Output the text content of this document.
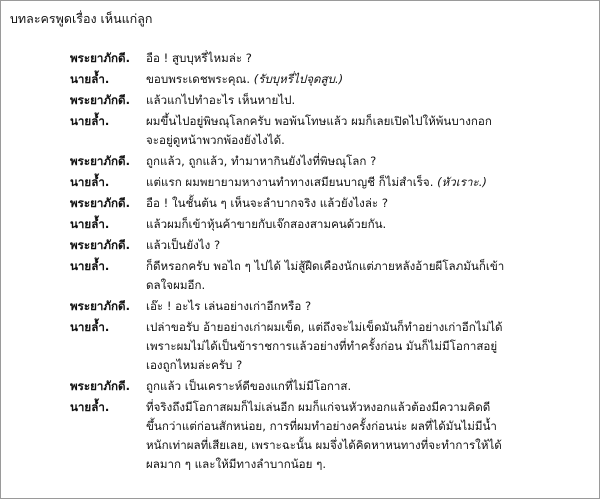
บทละครพูดเรื่อง เห็นแก่ลูก
พระยาภักดี.	อือ ! สูบบุหรี่ไหมล่ะ ?
นายล้ำ.	ขอบพระเดชพระคุณ. (รับบุหรี่ไปจุดสูบ.)
พระยาภักดี.	แล้วแกไปทำอะไร เห็นหายไป.
นายล้ำ.	ผมขึ้นไปอยู่พิษณุโลกครับ พอพ้นโทษแล้ว ผมก็เลยเปิดไปให้พ้นบางกอก จะอยู่ดูหน้าพวกพ้องยังไงได้.
พระยาภักดี.	ถูกแล้ว, ถูกแล้ว, ทำมาหากินยังไงที่พิษณุโลก ?
นายล้ำ.	แต่แรก ผมพยายามหางานทำทางเสมียนบาญชี ก็ไม่สำเร็จ. (หัวเราะ.)
พระยาภักดี.	อือ ! ในชั้นต้น ๆ เห็นจะลำบากจริง แล้วยังไงล่ะ ?
นายล้ำ.	แล้วผมก็เข้าหุ้นค้าขายกับเจ๊กสองสามคนด้วยกัน.
พระยาภักดี.	แล้วเป็นยังไง ?
นายล้ำ.	ก็ดีหรอกครับ พอไถ ๆ ไปได้ ไม่สู้ฝืดเคืองนักแต่ภายหลังอ้ายผีโลภมันก็เข้าดลใจผมอีก.
พระยาภักดี.	เอ๊ะ ! อะไร เล่นอย่างเก่าอีกหรือ ?
นายล้ำ.	เปล่าขอรับ อ้ายอย่างเก่าผมเข็ด, แต่ถึงจะไม่เข็ดมันก็ทำอย่างเก่าอีกไม่ได้เพราะผมไม่ได้เป็นข้าราชการแล้วอย่างที่ทำครั้งก่อน มันก็ไม่มีโอกาสอยู่เองถูกไหมล่ะครับ ?
พระยาภักดี.	ถูกแล้ว เป็นเคราะห์ดีของแกที่ไม่มีโอกาส.
นายล้ำ.	ที่จริงถึงมีโอกาสผมก็ไม่เล่นอีก ผมก็แก่จนหัวหงอกแล้วต้องมีความคิดดีขึ้นกว่าแต่ก่อนสักหน่อย, การที่ผมทำอย่างครั้งก่อนน่ะ ผลที่ได้มันไม่มีน้ำหนักเท่าผลที่เสียเลย, เพราะฉะนั้น ผมจึ่งได้คิดหาหนทางที่จะทำการให้ได้ผลมาก ๆ และให้มีทางลำบากน้อย ๆ.
